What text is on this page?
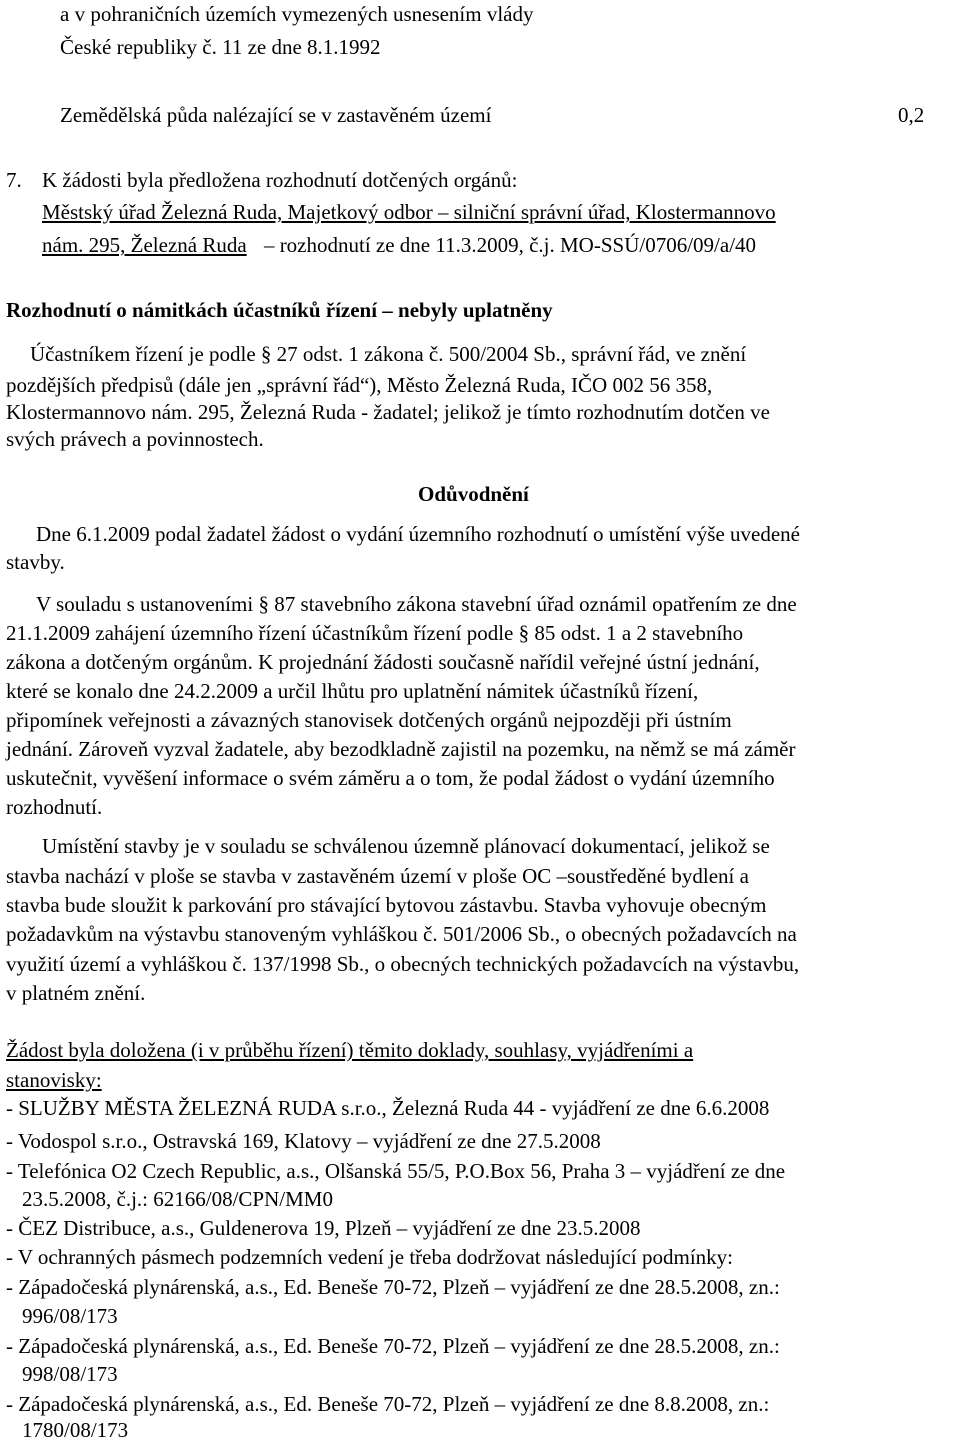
a v pohraničních územích vymezených usnesením vlády
České republiky č. 11 ze dne 8.1.1992
Zemědělská půda nalézající se v zastavěném území	0,2
7. K žádosti byla předložena rozhodnutí dotčených orgánů:
Městský úřad Železná Ruda, Majetkový odbor – silniční správní úřad, Klostermannovo
nám. 295, Železná Ruda – rozhodnutí ze dne 11.3.2009, č.j. MO-SSÚ/0706/09/a/40
Rozhodnutí o námitkách účastníků řízení – nebyly uplatněny
Účastníkem řízení je podle § 27 odst. 1 zákona č. 500/2004 Sb., správní řád, ve znění
pozdějších předpisů (dále jen „správní řád“), Město Železná Ruda, IČO 002 56 358,
Klostermannovo nám. 295, Železná Ruda - žadatel; jelikož je tímto rozhodnutím dotčen ve
svých právech a povinnostech.
Odůvodnění
Dne 6.1.2009 podal žadatel žádost o vydání územního rozhodnutí o umístění výše uvedené
stavby.
V souladu s ustanoveními § 87 stavebního zákona stavební úřad oznámil opatřením ze dne
21.1.2009 zahájení územního řízení účastníkům řízení podle § 85 odst. 1 a 2 stavebního
zákona a dotčeným orgánům. K projednání žádosti současně nařídil veřejné ústní jednání,
které se konalo dne 24.2.2009 a určil lhůtu pro uplatnění námitek účastníků řízení,
připomínek veřejnosti a závazných stanovisek dotčených orgánů nejpozději při ústním
jednání. Zároveň vyzval žadatele, aby bezodkladně zajistil na pozemku, na němž se má záměr
uskutečnit, vyvěšení informace o svém záměru a o tom, že podal žádost o vydání územního
rozhodnutí.
Umístění stavby je v souladu se schválenou územně plánovací dokumentací, jelikož se
stavba nachází v ploše se stavba v zastavěném území v ploše OC –soustředěné bydlení a
stavba bude sloužit k parkování pro stávající bytovou zástavbu. Stavba vyhovuje obecným
požadavkům na výstavbu stanoveným vyhláškou č. 501/2006 Sb., o obecných požadavcích na
využití území a vyhláškou č. 137/1998 Sb., o obecných technických požadavcích na výstavbu,
v platném znění.
Žádost byla doložena (i v průběhu řízení) těmito doklady, souhlasy, vyjádřeními a
stanovisky:
- SLUŽBY MĚSTA ŽELEZNÁ RUDA s.r.o., Železná Ruda 44 - vyjádření ze dne 6.6.2008
- Vodospol s.r.o., Ostravská 169, Klatovy – vyjádření ze dne 27.5.2008
- Telefónica O2 Czech Republic, a.s., Olšanská 55/5, P.O.Box 56, Praha 3 – vyjádření ze dne
23.5.2008, č.j.: 62166/08/CPN/MM0
- ČEZ Distribuce, a.s., Guldenerova 19, Plzeň – vyjádření ze dne 23.5.2008
- V ochranných pásmech podzemních vedení je třeba dodržovat následující podmínky:
- Západočeská plynárenská, a.s., Ed. Beneše 70-72, Plzeň – vyjádření ze dne 28.5.2008, zn.:
996/08/173
- Západočeská plynárenská, a.s., Ed. Beneše 70-72, Plzeň – vyjádření ze dne 28.5.2008, zn.:
998/08/173
- Západočeská plynárenská, a.s., Ed. Beneše 70-72, Plzeň – vyjádření ze dne 8.8.2008, zn.:
1780/08/173
